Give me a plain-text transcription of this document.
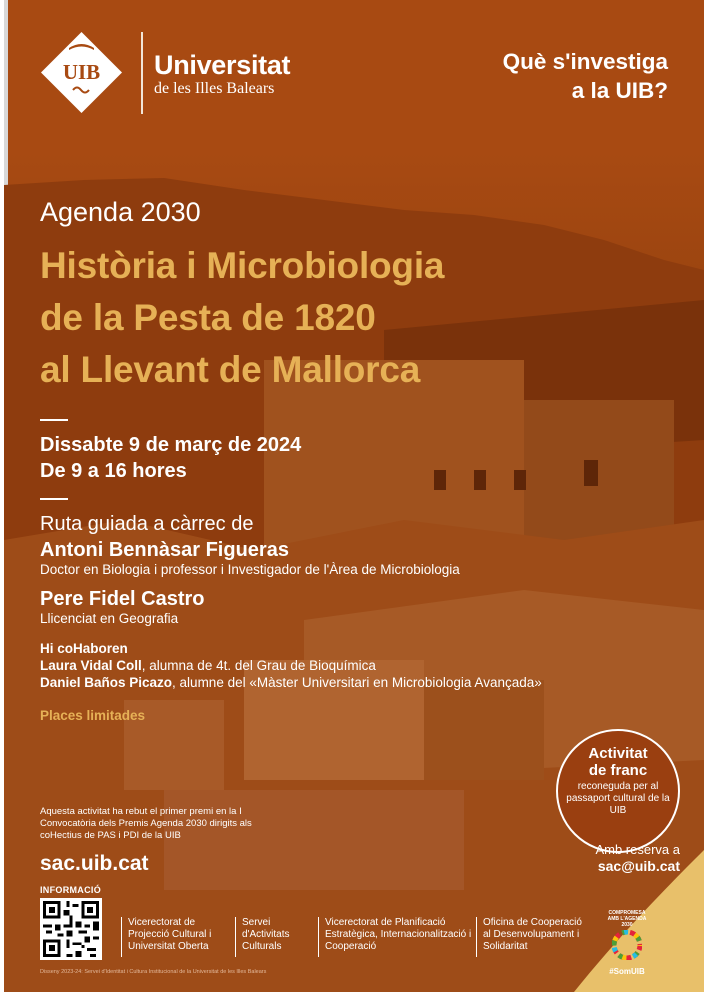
UIB Universitat
de les Illes Balears
Què s'investiga
a la UIB?
Agenda 2030
Història i Microbiologia
de la Pesta de 1820
al Llevant de Mallorca
Dissabte 9 de març de 2024
De 9 a 16 hores
Ruta guiada a càrrec de
Antoni Bennàsar Figueras
Doctor en Biologia i professor i Investigador de l'Àrea de Microbiologia
Pere Fidel Castro
Llicenciat en Geografia
Hi coHaboren
Laura Vidal Coll, alumna de 4t. del Grau de Bioquímica
Daniel Baños Picazo, alumne del «Màster Universitari en Microbiologia Avançada»
Places limitades
Activitat
de franc
reconeguda per al passaport cultural de la UIB
Amb reserva a
sac@uib.cat
Aquesta activitat ha rebut el primer premi en la I Convocatòria dels Premis Agenda 2030 dirigits als coHectius de PAS i PDI de la UIB
sac.uib.cat
INFORMACIÓ
Vicerectorat de Projecció Cultural i Universitat Oberta
Servei d'Activitats Culturals
Vicerectorat de Planificació Estratègica, Internacionalització i Cooperació
Oficina de Cooperació al Desenvolupament i Solidaritat
COMPROMESA AMB L'AGENDA 2030
#SomUIB
Disseny 2023-24: Servei d'Identitat i Cultura Institucional de la Universitat de les Illes Balears
